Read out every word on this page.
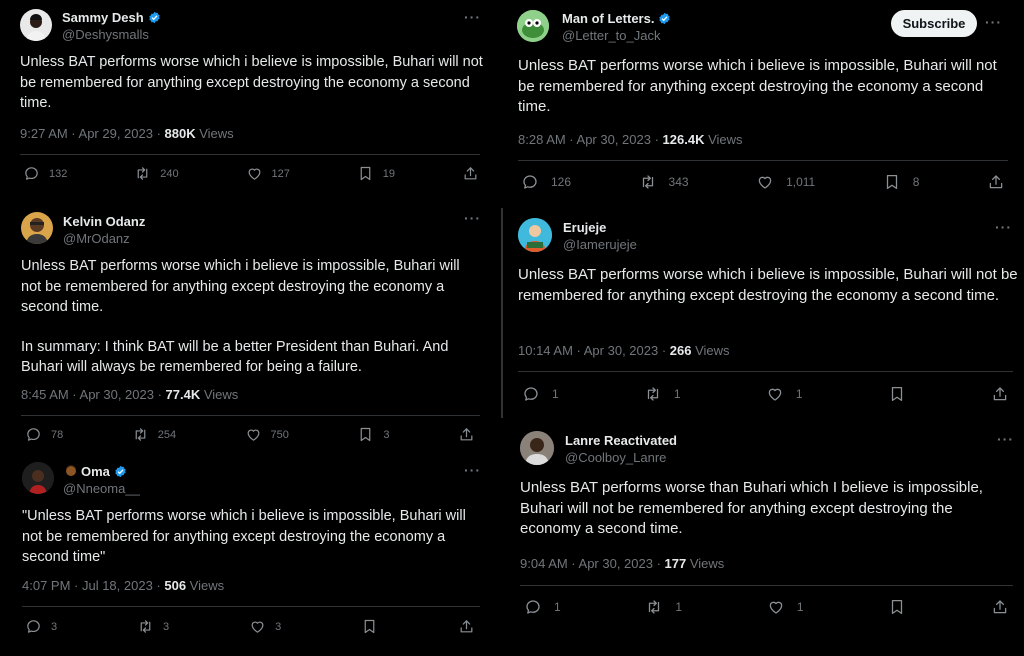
Sammy Desh
@Deshysmalls
···

Unless BAT performs worse which i believe is impossible, Buhari will not be remembered for anything except destroying the economy a second time.

9:27 AM · Apr 29, 2023 · 880K Views
132	240	127	19
Kelvin Odanz
@MrOdanz
···

Unless BAT performs worse which i believe is impossible, Buhari will not be remembered for anything except destroying the economy a second time.

In summary: I think BAT will be a better President than Buhari. And Buhari will always be remembered for being a failure.

8:45 AM · Apr 30, 2023 · 77.4K Views
78	254	750	3
Oma
@Nneoma__
···

"Unless BAT performs worse which i believe is impossible, Buhari will not be remembered for anything except destroying the economy a second time"

4:07 PM · Jul 18, 2023 · 506 Views
3	3	3
Man of Letters.
@Letter_to_Jack
Subscribe	···

Unless BAT performs worse which i believe is impossible, Buhari will not be remembered for anything except destroying the economy a second time.

8:28 AM · Apr 30, 2023 · 126.4K Views
126	343	1,011	8
Erujeje
@Iamerujeje
···

Unless BAT performs worse which i believe is impossible, Buhari will not be remembered for anything except destroying the economy a second time.

10:14 AM · Apr 30, 2023 · 266 Views
1	1	1
Lanre Reactivated
@Coolboy_Lanre
···

Unless BAT performs worse than Buhari which I believe is impossible, Buhari will not be remembered for anything except destroying the economy a second time.

9:04 AM · Apr 30, 2023 · 177 Views
1	1	1
